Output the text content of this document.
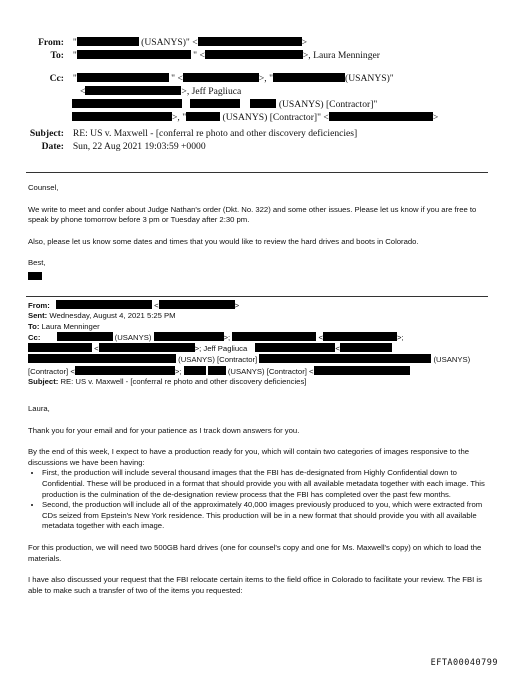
From: "	(USANYS)" <	>
To: "	" <	>, Laura Menninger
Cc: "	" <	>, "	(USANYS)"
<	>, Jeff Pagliuca
(USANYS) [Contractor]"
>, "	(USANYS) [Contractor]" <	>
Subject: RE: US v. Maxwell - [conferral re photo and other discovery deficiencies]
Date: Sun, 22 Aug 2021 19:03:59 +0000

Counsel,

We write to meet and confer about Judge Nathan's order (Dkt. No. 322) and some other issues. Please let us know if you are free to speak by phone tomorrow before 3 pm or Tuesday after 2:30 pm.

Also, please let us know some dates and times that you would like to review the hard drives and boots in Colorado.

Best,

From:	<	>
Sent: Wednesday, August 4, 2021 5:25 PM
To: Laura Menninger
Cc:	(USANYS)	>;	<	>;
<	>; Jeff Pagliuca	<
(USANYS) [Contractor]	(USANYS)
[Contractor] <	>;	(USANYS) [Contractor] <
Subject: RE: US v. Maxwell - [conferral re photo and other discovery deficiencies]

Laura,

Thank you for your email and for your patience as I track down answers for you.

By the end of this week, I expect to have a production ready for you, which will contain two categories of images responsive to the discussions we have been having:

• First, the production will include several thousand images that the FBI has de-designated from Highly Confidential down to Confidential. These will be produced in a format that should provide you with all available metadata together with each image. This production is the culmination of the de-designation review process that the FBI has completed over the past few months.
• Second, the production will include all of the approximately 40,000 images previously produced to you, which were extracted from CDs seized from Epstein's New York residence. This production will be in a new format that should provide you with all available metadata together with each image.

For this production, we will need two 500GB hard drives (one for counsel's copy and one for Ms. Maxwell's copy) on which to load the materials.

I have also discussed your request that the FBI relocate certain items to the field office in Colorado to facilitate your review. The FBI is able to make such a transfer of two of the items you requested:

EFTA00040799
